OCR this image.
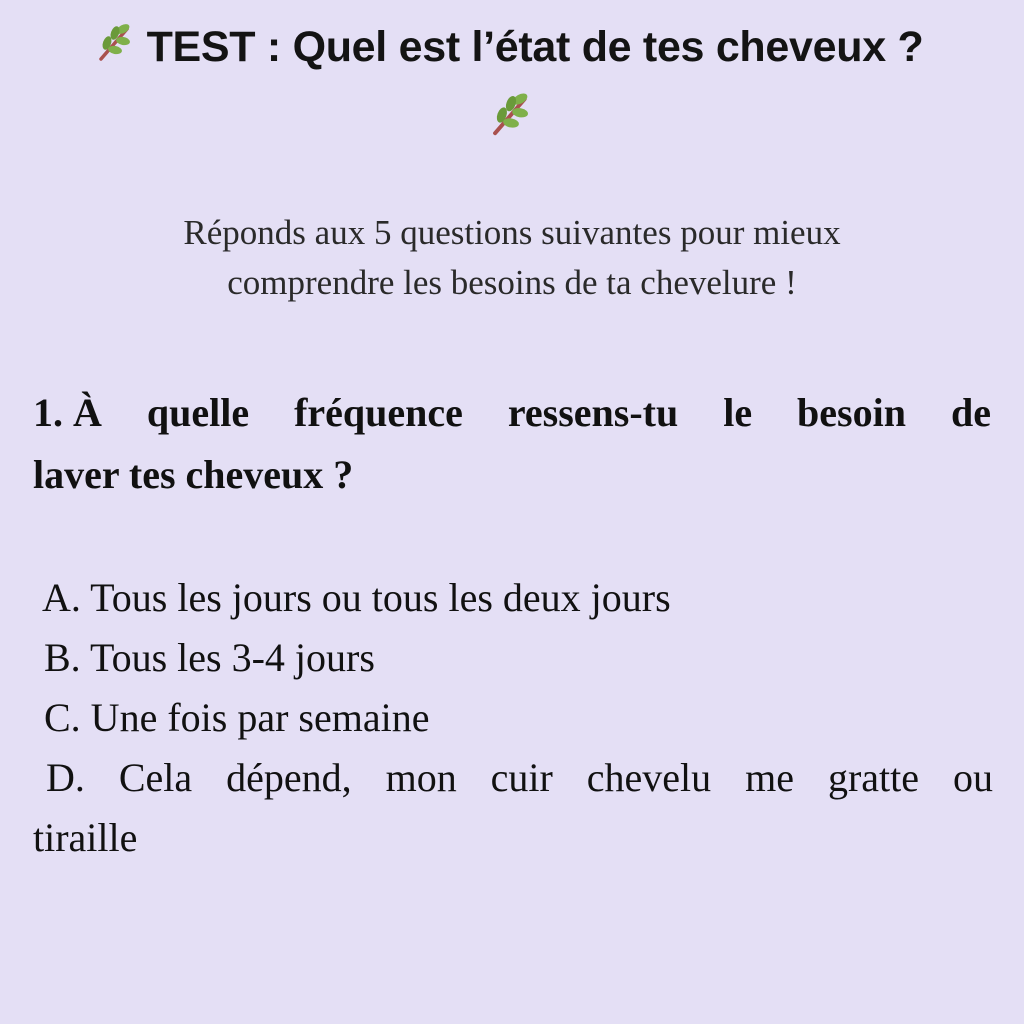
TEST : Quel est l’état de tes cheveux ?
Réponds aux 5 questions suivantes pour mieux
comprendre les besoins de ta chevelure !
1. À quelle fréquence ressens-tu le besoin de
laver tes cheveux ?
A. Tous les jours ou tous les deux jours
B. Tous les 3-4 jours
C. Une fois par semaine
D. Cela dépend, mon cuir chevelu me gratte ou
tiraille
